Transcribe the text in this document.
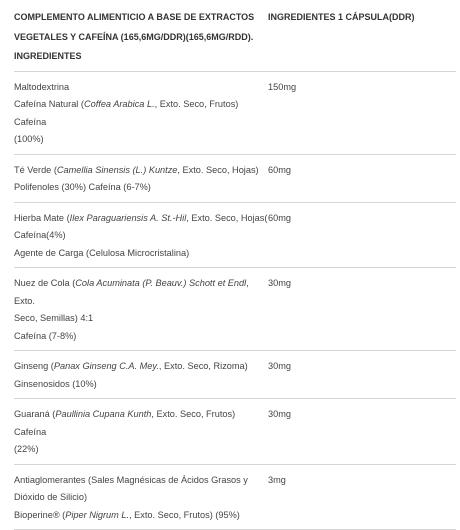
COMPLEMENTO ALIMENTICIO A BASE DE EXTRACTOS
VEGETALES Y CAFEÍNA (165,6MG/DDR)(165,6MG/RDD).
INGREDIENTES	INGREDIENTES 1 CÁPSULA(DDR)

Maltodextrina
Cafeína Natural (Coffea Arabica L., Exto. Seco, Frutos) Cafeína
(100%)	150mg

Té Verde (Camellia Sinensis (L.) Kuntze, Exto. Seco, Hojas)
Polifenoles (30%) Cafeína (6-7%)	60mg

Hierba Mate (Ilex Paraguariensis A. St.-Hil, Exto. Seco, Hojas(
Cafeína(4%)
Agente de Carga (Celulosa Microcristalina)	60mg

Nuez de Cola (Cola Acuminata (P. Beauv.) Schott et Endl, Exto.
Seco, Semillas) 4:1
Cafeína (7-8%)	30mg

Ginseng (Panax Ginseng C.A. Mey., Exto. Seco, Rizoma)
Ginsenosidos (10%)	30mg

Guaraná (Paullinia Cupana Kunth, Exto. Seco, Frutos) Cafeína
(22%)	30mg

Antiaglomerantes (Sales Magnésicas de Ácidos Grasos y
Dióxido de Silicio)
Bioperine® (Piper Nigrum L., Exto. Seco, Frutos) (95%)	3mg
